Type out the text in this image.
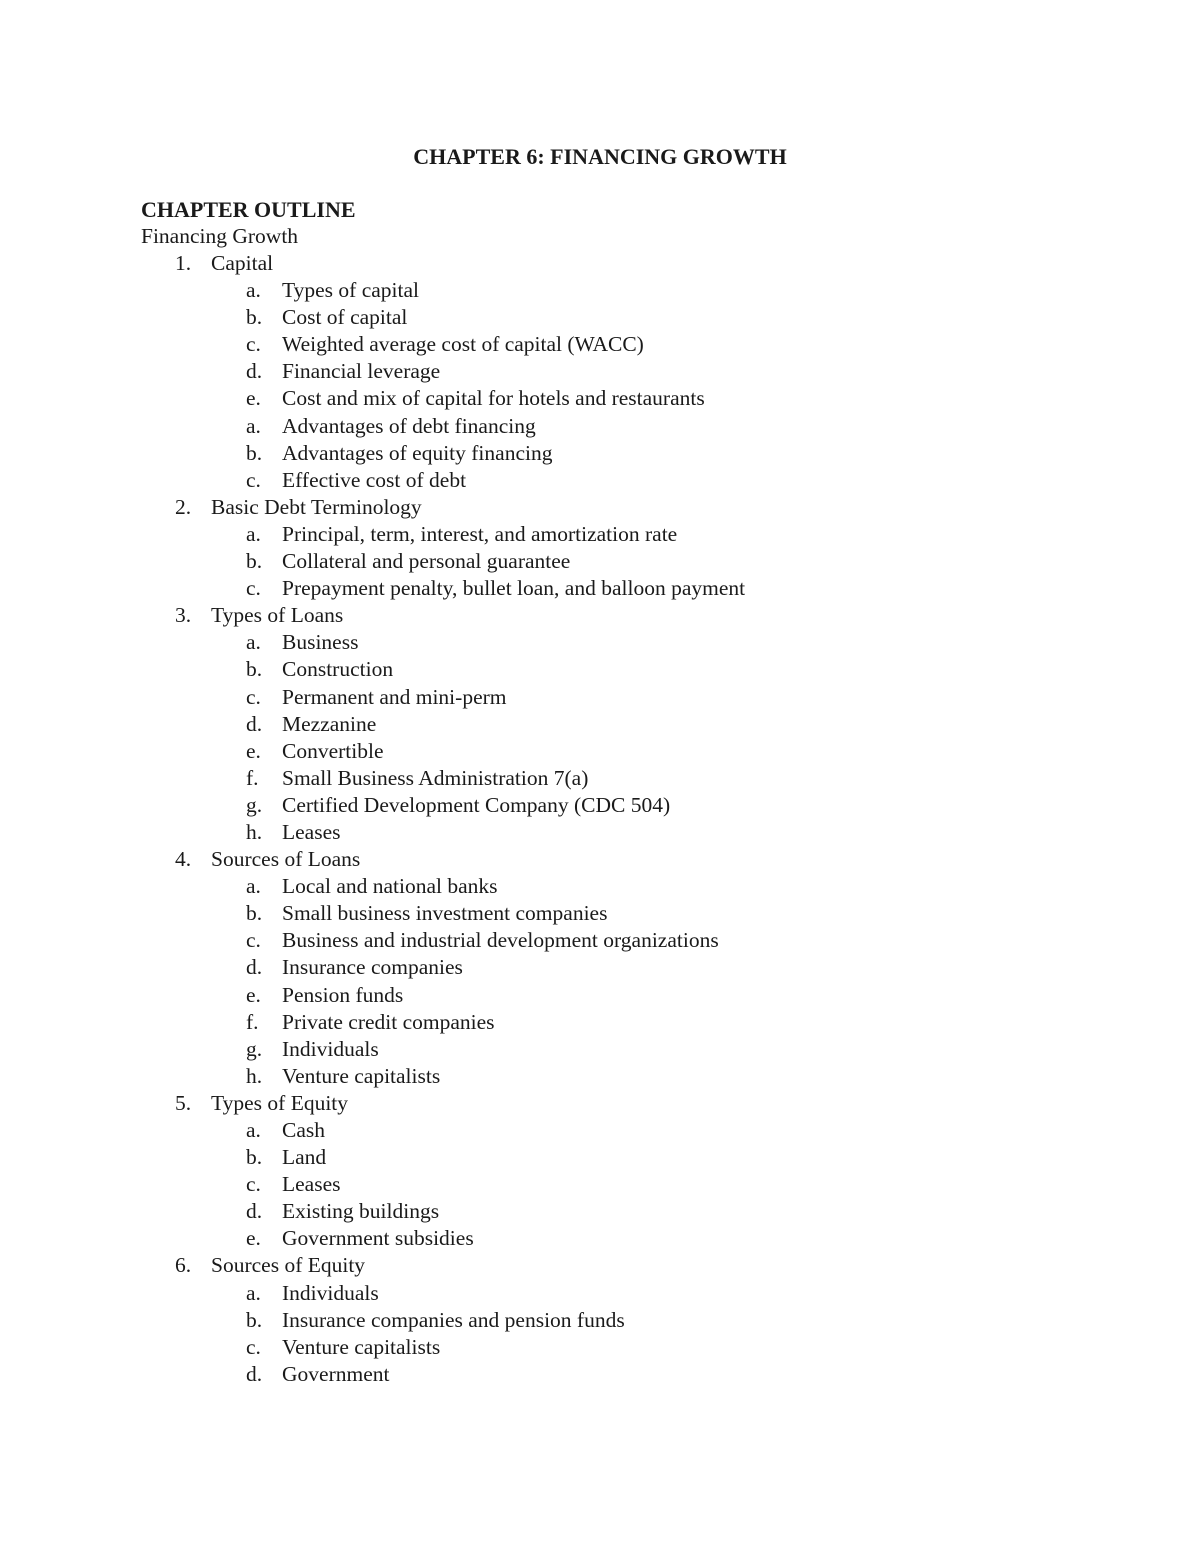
CHAPTER 6: FINANCING GROWTH
CHAPTER OUTLINE
Financing Growth
1. Capital
a. Types of capital
b. Cost of capital
c. Weighted average cost of capital (WACC)
d. Financial leverage
e. Cost and mix of capital for hotels and restaurants
a. Advantages of debt financing
b. Advantages of equity financing
c. Effective cost of debt
2. Basic Debt Terminology
a. Principal, term, interest, and amortization rate
b. Collateral and personal guarantee
c. Prepayment penalty, bullet loan, and balloon payment
3. Types of Loans
a. Business
b. Construction
c. Permanent and mini-perm
d. Mezzanine
e. Convertible
f. Small Business Administration 7(a)
g. Certified Development Company (CDC 504)
h. Leases
4. Sources of Loans
a. Local and national banks
b. Small business investment companies
c. Business and industrial development organizations
d. Insurance companies
e. Pension funds
f. Private credit companies
g. Individuals
h. Venture capitalists
5. Types of Equity
a. Cash
b. Land
c. Leases
d. Existing buildings
e. Government subsidies
6. Sources of Equity
a. Individuals
b. Insurance companies and pension funds
c. Venture capitalists
d. Government
